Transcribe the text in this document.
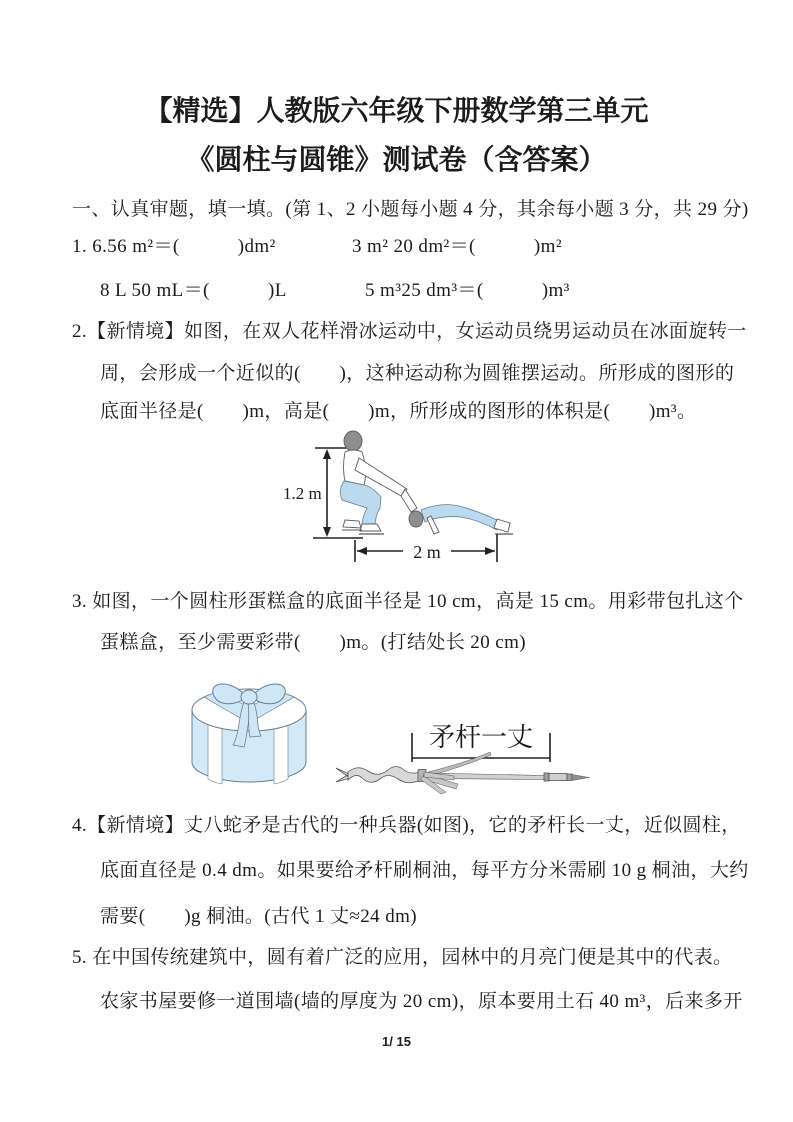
【精选】人教版六年级下册数学第三单元
《圆柱与圆锥》测试卷（含答案）
一、认真审题，填一填。(第 1、2 小题每小题 4 分，其余每小题 3 分，共 29 分)
1. 6.56 m²＝(　　　)dm²	3 m² 20 dm²＝(　　　)m²
8 L 50 mL＝(　　　)L	5 m³25 dm³＝(　　　)m³
2.【新情境】如图，在双人花样滑冰运动中，女运动员绕男运动员在冰面旋转一
周，会形成一个近似的(　　)，这种运动称为圆锥摆运动。所形成的图形的
底面半径是(　　)m，高是(　　)m，所形成的图形的体积是(　　)m³。
1.2 m
2 m
3. 如图，一个圆柱形蛋糕盒的底面半径是 10 cm，高是 15 cm。用彩带包扎这个
蛋糕盒，至少需要彩带(　　)m。(打结处长 20 cm)
矛杆一丈
4.【新情境】丈八蛇矛是古代的一种兵器(如图)，它的矛杆长一丈，近似圆柱，
底面直径是 0.4 dm。如果要给矛杆刷桐油，每平方分米需刷 10 g 桐油，大约
需要(　　)g 桐油。(古代 1 丈≈24 dm)
5. 在中国传统建筑中，圆有着广泛的应用，园林中的月亮门便是其中的代表。
农家书屋要修一道围墙(墙的厚度为 20 cm)，原本要用土石 40 m³，后来多开
1/ 15
